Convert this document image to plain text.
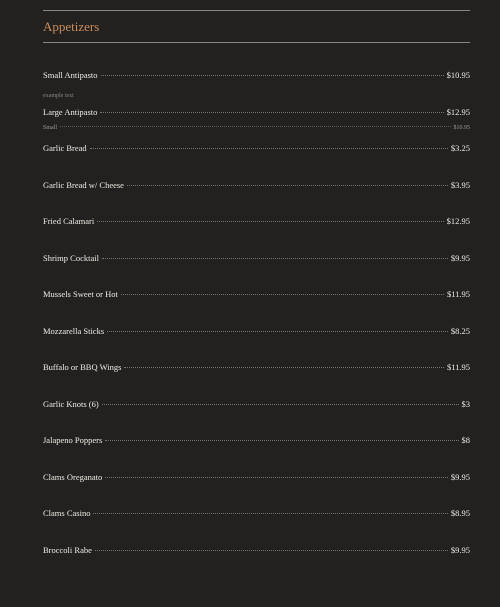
Appetizers
Small Antipasto	$10.95
example text
Large Antipasto	$12.95
Small	$10.95
Garlic Bread	$3.25
Garlic Bread w/ Cheese	$3.95
Fried Calamari	$12.95
Shrimp Cocktail	$9.95
Mussels Sweet or Hot	$11.95
Mozzarella Sticks	$8.25
Buffalo or BBQ Wings	$11.95
Garlic Knots (6)	$3
Jalapeno Poppers	$8
Clams Oreganato	$9.95
Clams Casino	$8.95
Broccoli Rabe	$9.95
